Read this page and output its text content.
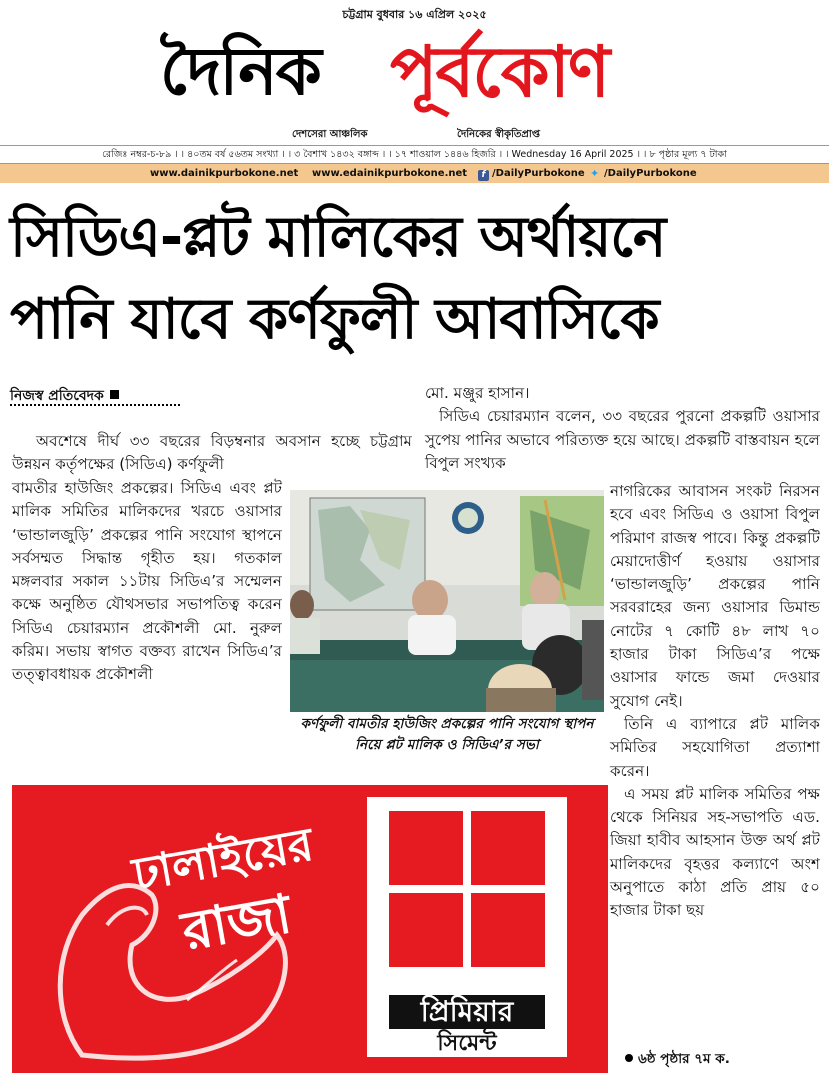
চট্টগ্রাম বুধবার ১৬ এপ্রিল ২০২৫
দৈনিক পূর্বকোণ
দেশসেরা আঞ্চলিক	দৈনিকের স্বীকৃতিপ্রাপ্ত
রেজিঃ নম্বর-চ-৮৯ । । ৪০তম বর্ষ ৫৬তম সংখ্যা । । ৩ বৈশাখ ১৪৩২ বঙ্গাব্দ । । ১৭ শাওয়াল ১৪৪৬ হিজরি । । Wednesday 16 April 2025 । । ৮ পৃষ্ঠার মূল্য ৭ টাকা
www.dainikpurbokone.net www.edainikpurbokone.net	f /DailyPurbokone ✦ /DailyPurbokone
সিডিএ-প্লট মালিকের অর্থায়নে
পানি যাবে কর্ণফুলী আবাসিকে
নিজস্ব প্রতিবেদক

অবশেষে দীর্ঘ ৩৩ বছরের বিড়ম্বনার অবসান হচ্ছে চট্টগ্রাম উন্নয়ন কর্তৃপক্ষের (সিডিএ) কর্ণফুলী

বামতীর হাউজিং প্রকল্পের। সিডিএ এবং প্লট মালিক সমিতির মালিকদের খরচে ওয়াসার ‘ভান্ডালজুড়ি’ প্রকল্পের পানি সংযোগ স্থাপনে সর্বসম্মত সিদ্ধান্ত গৃহীত হয়। গতকাল মঙ্গলবার সকাল ১১টায় সিডিএ’র সম্মেলন কক্ষে অনুষ্ঠিত যৌথসভার সভাপতিত্ব করেন সিডিএ চেয়ারম্যান প্রকৌশলী মো. নুরুল করিম। সভায় স্বাগত বক্তব্য রাখেন সিডিএ’র তত্ত্বাবধায়ক প্রকৌশলী

মো. মঞ্জুর হাসান।

সিডিএ চেয়ারম্যান বলেন, ৩৩ বছরের পুরনো প্রকল্পটি ওয়াসার সুপেয় পানির অভাবে পরিত্যক্ত হয়ে আছে। প্রকল্পটি বাস্তবায়ন হলে বিপুল সংখ্যক

কর্ণফুলী বামতীর হাউজিং প্রকল্পের পানি সংযোগ স্থাপন নিয়ে প্লট মালিক ও সিডিএ’র সভা

নাগরিকের আবাসন সংকট নিরসন হবে এবং সিডিএ ও ওয়াসা বিপুল পরিমাণ রাজস্ব পাবে। কিন্তু প্রকল্পটি মেয়াদোত্তীর্ণ হওয়ায় ওয়াসার ‘ভান্ডালজুড়ি’ প্রকল্পের পানি সরবরাহের জন্য ওয়াসার ডিমান্ড নোটের ৭ কোটি ৪৮ লাখ ৭০ হাজার টাকা সিডিএ’র পক্ষে ওয়াসার ফান্ডে জমা দেওয়ার সুযোগ নেই।

তিনি এ ব্যাপারে প্লট মালিক সমিতির সহযোগিতা প্রত্যাশা করেন।

এ সময় প্লট মালিক সমিতির পক্ষ থেকে সিনিয়র সহ-সভাপতি এড. জিয়া হাবীব আহসান উক্ত অর্থ প্লট মালিকদের বৃহত্তর কল্যাণে অংশ অনুপাতে কাঠা প্রতি প্রায় ৫০ হাজার টাকা ছয়

ঢালাইয়ের
রাজা
প্রিমিয়ার
সিমেন্ট
৬ষ্ঠ পৃষ্ঠার ৭ম ক.
